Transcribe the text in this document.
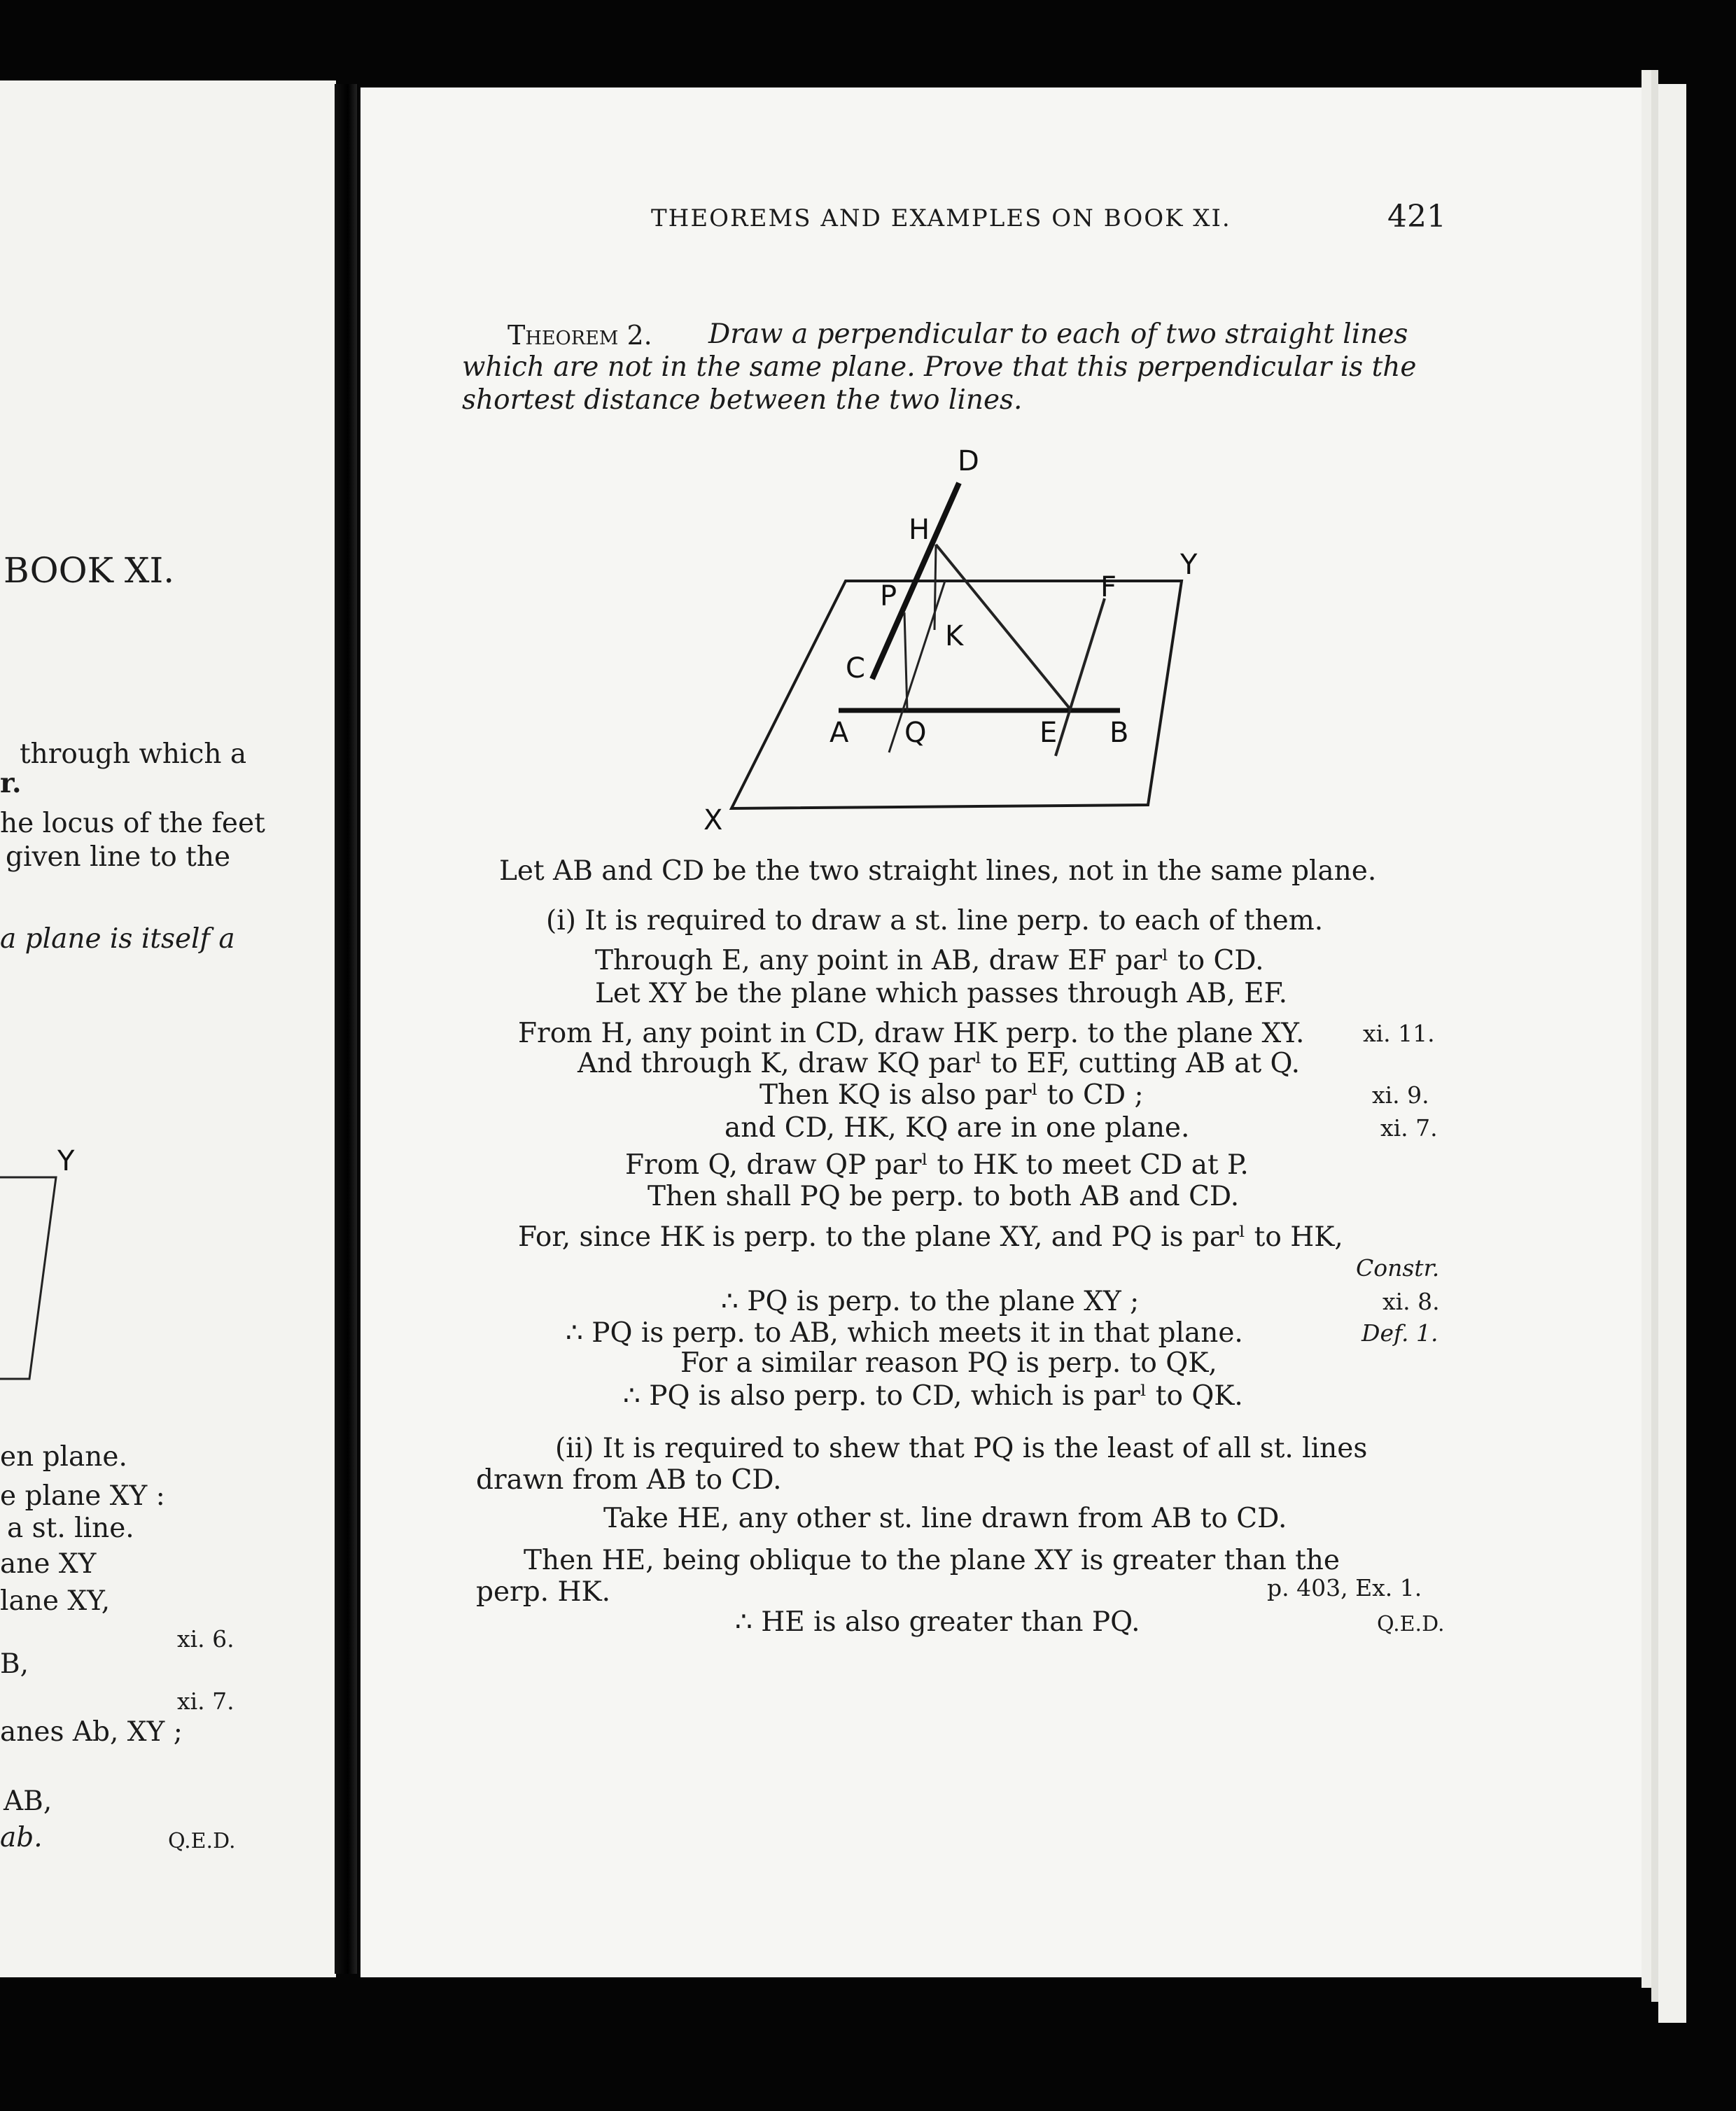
BOOK XI.
through which a
r.
he locus of the feet
given line to the
a plane is itself a
Y
en plane.
e plane XY :
a st. line.
ane XY
lane XY,
xi. 6.
B,
xi. 7.
anes Ab, XY ;
AB,
ab.	Q.E.D.
THEOREMS AND EXAMPLES ON BOOK XI.	421
Theorem 2. Draw a perpendicular to each of two straight lines
which are not in the same plane. Prove that this perpendicular is the
shortest distance between the two lines.
D
H
Y
P	F
K
C
A Q	E B
X
Let AB and CD be the two straight lines, not in the same plane.
(i) It is required to draw a st. line perp. to each of them.
Through E, any point in AB, draw EF parˡ to CD.
Let XY be the plane which passes through AB, EF.
From H, any point in CD, draw HK perp. to the plane XY.	xi. 11.
And through K, draw KQ parˡ to EF, cutting AB at Q.
Then KQ is also parˡ to CD ;	xi. 9.
and CD, HK, KQ are in one plane.	xi. 7.
From Q, draw QP parˡ to HK to meet CD at P.
Then shall PQ be perp. to both AB and CD.
For, since HK is perp. to the plane XY, and PQ is parˡ to HK,
Constr.
∴ PQ is perp. to the plane XY ;	xi. 8.
∴ PQ is perp. to AB, which meets it in that plane.	Def. 1.
For a similar reason PQ is perp. to QK,
∴ PQ is also perp. to CD, which is parˡ to QK.
(ii) It is required to shew that PQ is the least of all st. lines
drawn from AB to CD.
Take HE, any other st. line drawn from AB to CD.
Then HE, being oblique to the plane XY is greater than the
perp. HK.	p. 403, Ex. 1.
∴ HE is also greater than PQ.	Q.E.D.
